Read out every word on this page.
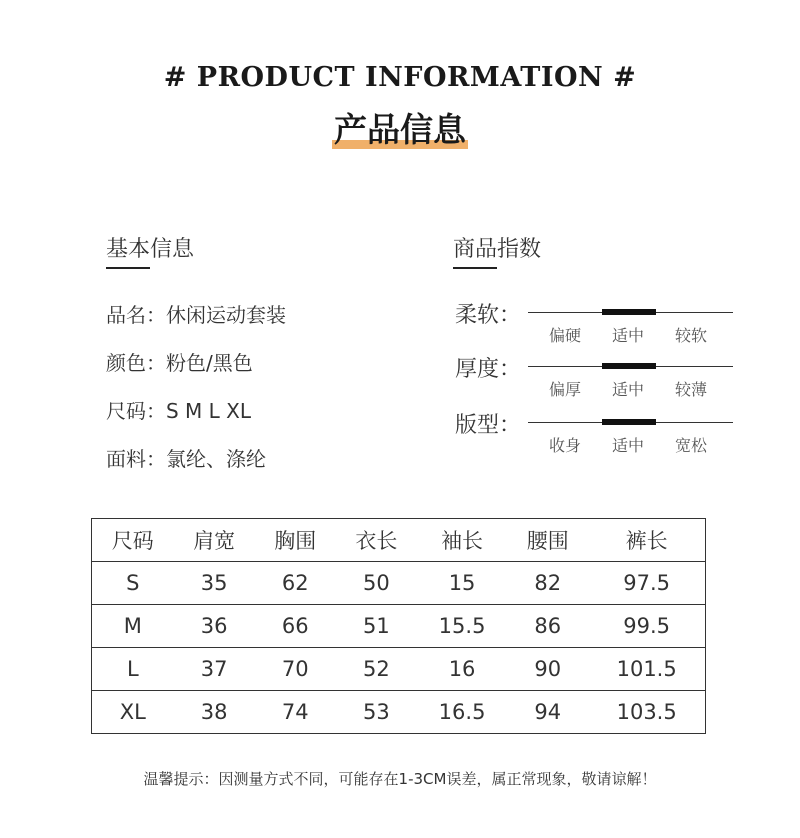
# PRODUCT INFORMATION #
产品信息
基本信息
品名：休闲运动套装
颜色：粉色/黑色
尺码：S M L XL
面料：氯纶、涤纶
商品指数
柔软：
偏硬 适中 较软
厚度：
偏厚 适中 较薄
版型：
收身 适中 宽松
尺码	肩宽	胸围	衣长	袖长	腰围	裤长
S	35	62	50	15	82	97.5
M	36	66	51	15.5	86	99.5
L	37	70	52	16	90	101.5
XL	38	74	53	16.5	94	103.5
温馨提示：因测量方式不同，可能存在1-3CM误差，属正常现象，敬请谅解！
